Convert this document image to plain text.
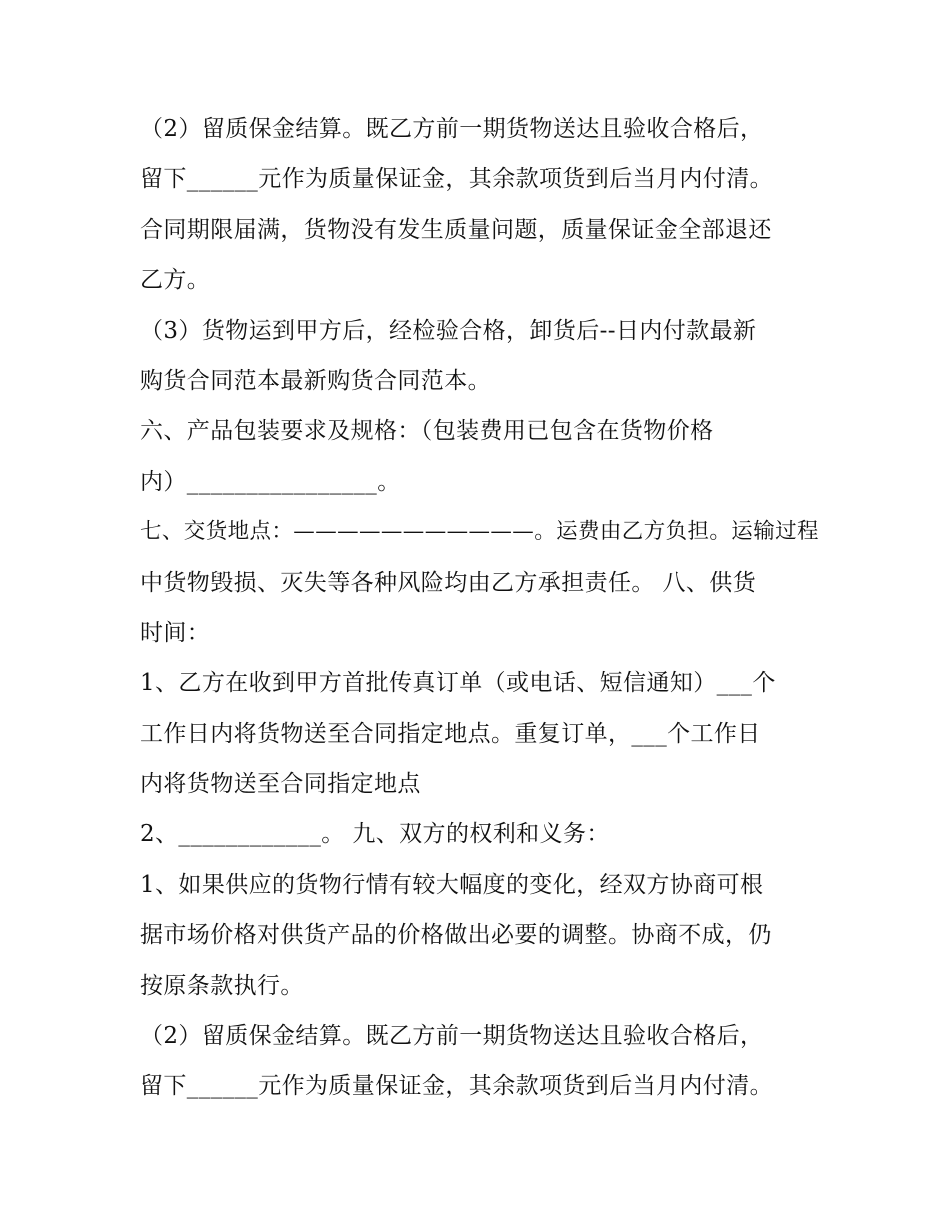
（2）留质保金结算。既乙方前一期货物送达且验收合格后，
留下______元作为质量保证金，其余款项货到后当月内付清。
合同期限届满，货物没有发生质量问题，质量保证金全部退还
乙方。
（3）货物运到甲方后，经检验合格，卸货后--日内付款最新
购货合同范本最新购货合同范本。
六、产品包装要求及规格：（包装费用已包含在货物价格
内）________________。
七、交货地点：———————————。运费由乙方负担。运输过程
中货物毁损、灭失等各种风险均由乙方承担责任。 八、供货
时间：
1、乙方在收到甲方首批传真订单（或电话、短信通知）___个
工作日内将货物送至合同指定地点。重复订单，___个工作日
内将货物送至合同指定地点
2、____________。 九、双方的权利和义务：
1、如果供应的货物行情有较大幅度的变化，经双方协商可根
据市场价格对供货产品的价格做出必要的调整。协商不成，仍
按原条款执行。
（2）留质保金结算。既乙方前一期货物送达且验收合格后，
留下______元作为质量保证金，其余款项货到后当月内付清。
